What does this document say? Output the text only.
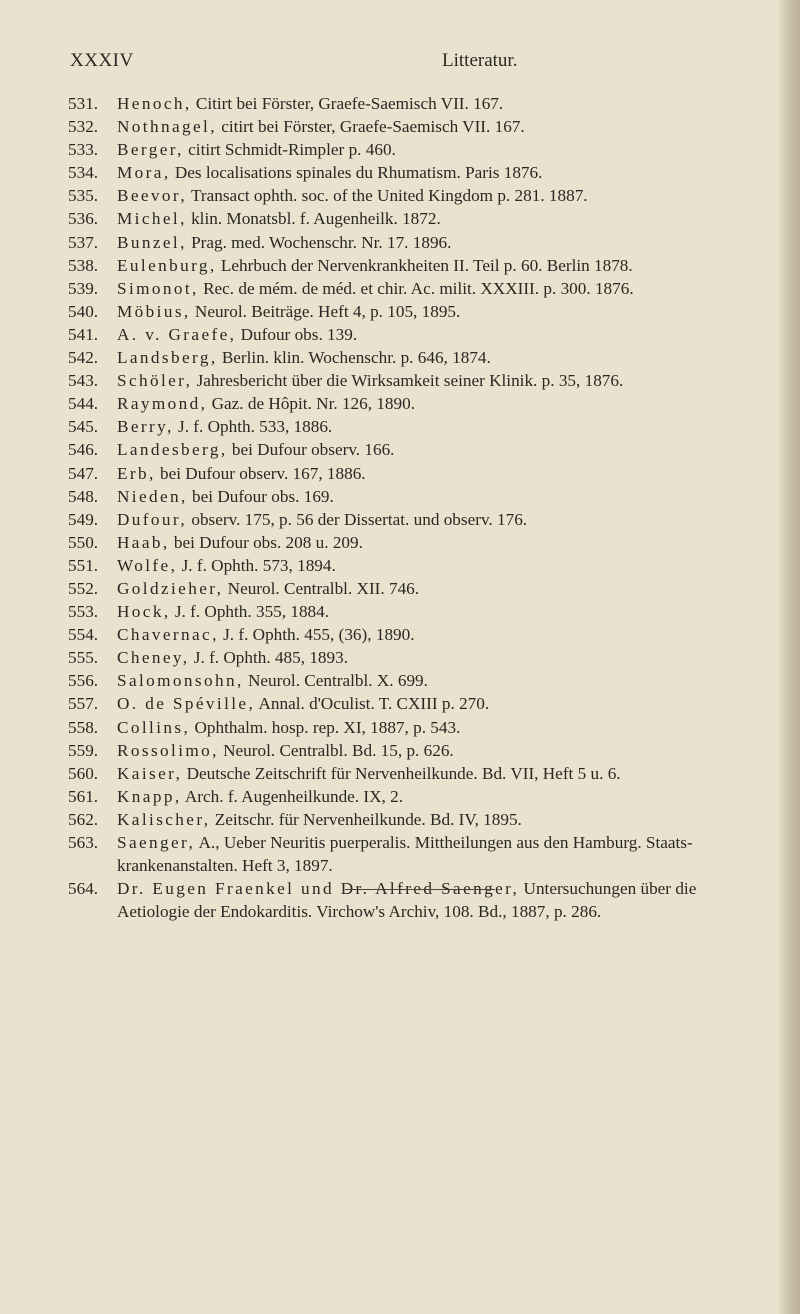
XXXIV	Litteratur.
531.	Henoch, Citirt bei Förster, Graefe-Saemisch VII. 167.
532.	Nothnagel, citirt bei Förster, Graefe-Saemisch VII. 167.
533.	Berger, citirt Schmidt-Rimpler p. 460.
534.	Mora, Des localisations spinales du Rhumatism. Paris 1876.
535.	Beevor, Transact ophth. soc. of the United Kingdom p. 281. 1887.
536.	Michel, klin. Monatsbl. f. Augenheilk. 1872.
537.	Bunzel, Prag. med. Wochenschr. Nr. 17. 1896.
538.	Eulenburg, Lehrbuch der Nervenkrankheiten II. Teil p. 60. Berlin 1878.
539.	Simonot, Rec. de mém. de méd. et chir. Ac. milit. XXXIII. p. 300. 1876.
540.	Möbius, Neurol. Beiträge. Heft 4, p. 105, 1895.
541.	A. v. Graefe, Dufour obs. 139.
542.	Landsberg, Berlin. klin. Wochenschr. p. 646, 1874.
543.	Schöler, Jahresbericht über die Wirksamkeit seiner Klinik. p. 35, 1876.
544.	Raymond, Gaz. de Hôpit. Nr. 126, 1890.
545.	Berry, J. f. Ophth. 533, 1886.
546.	Landesberg, bei Dufour observ. 166.
547.	Erb, bei Dufour observ. 167, 1886.
548.	Nieden, bei Dufour obs. 169.
549.	Dufour, observ. 175, p. 56 der Dissertat. und observ. 176.
550.	Haab, bei Dufour obs. 208 u. 209.
551.	Wolfe, J. f. Ophth. 573, 1894.
552.	Goldzieher, Neurol. Centralbl. XII. 746.
553.	Hock, J. f. Ophth. 355, 1884.
554.	Chavernac, J. f. Ophth. 455, (36), 1890.
555.	Cheney, J. f. Ophth. 485, 1893.
556.	Salomonsohn, Neurol. Centralbl. X. 699.
557.	O. de Spéville, Annal. d'Oculist. T. CXIII p. 270.
558.	Collins, Ophthalm. hosp. rep. XI, 1887, p. 543.
559.	Rossolimo, Neurol. Centralbl. Bd. 15, p. 626.
560.	Kaiser, Deutsche Zeitschrift für Nervenheilkunde. Bd. VII, Heft 5 u. 6.
561.	Knapp, Arch. f. Augenheilkunde. IX, 2.
562.	Kalischer, Zeitschr. für Nervenheilkunde. Bd. IV, 1895.
563.	Saenger, A., Ueber Neuritis puerperalis. Mittheilungen aus den Hamburg. Staats-krankenanstalten. Heft 3, 1897.
564.	Dr. Eugen Fraenkel und Dr. Alfred Saenger, Untersuchungen über die Aetiologie der Endokarditis. Virchow's Archiv, 108. Bd., 1887, p. 286.
